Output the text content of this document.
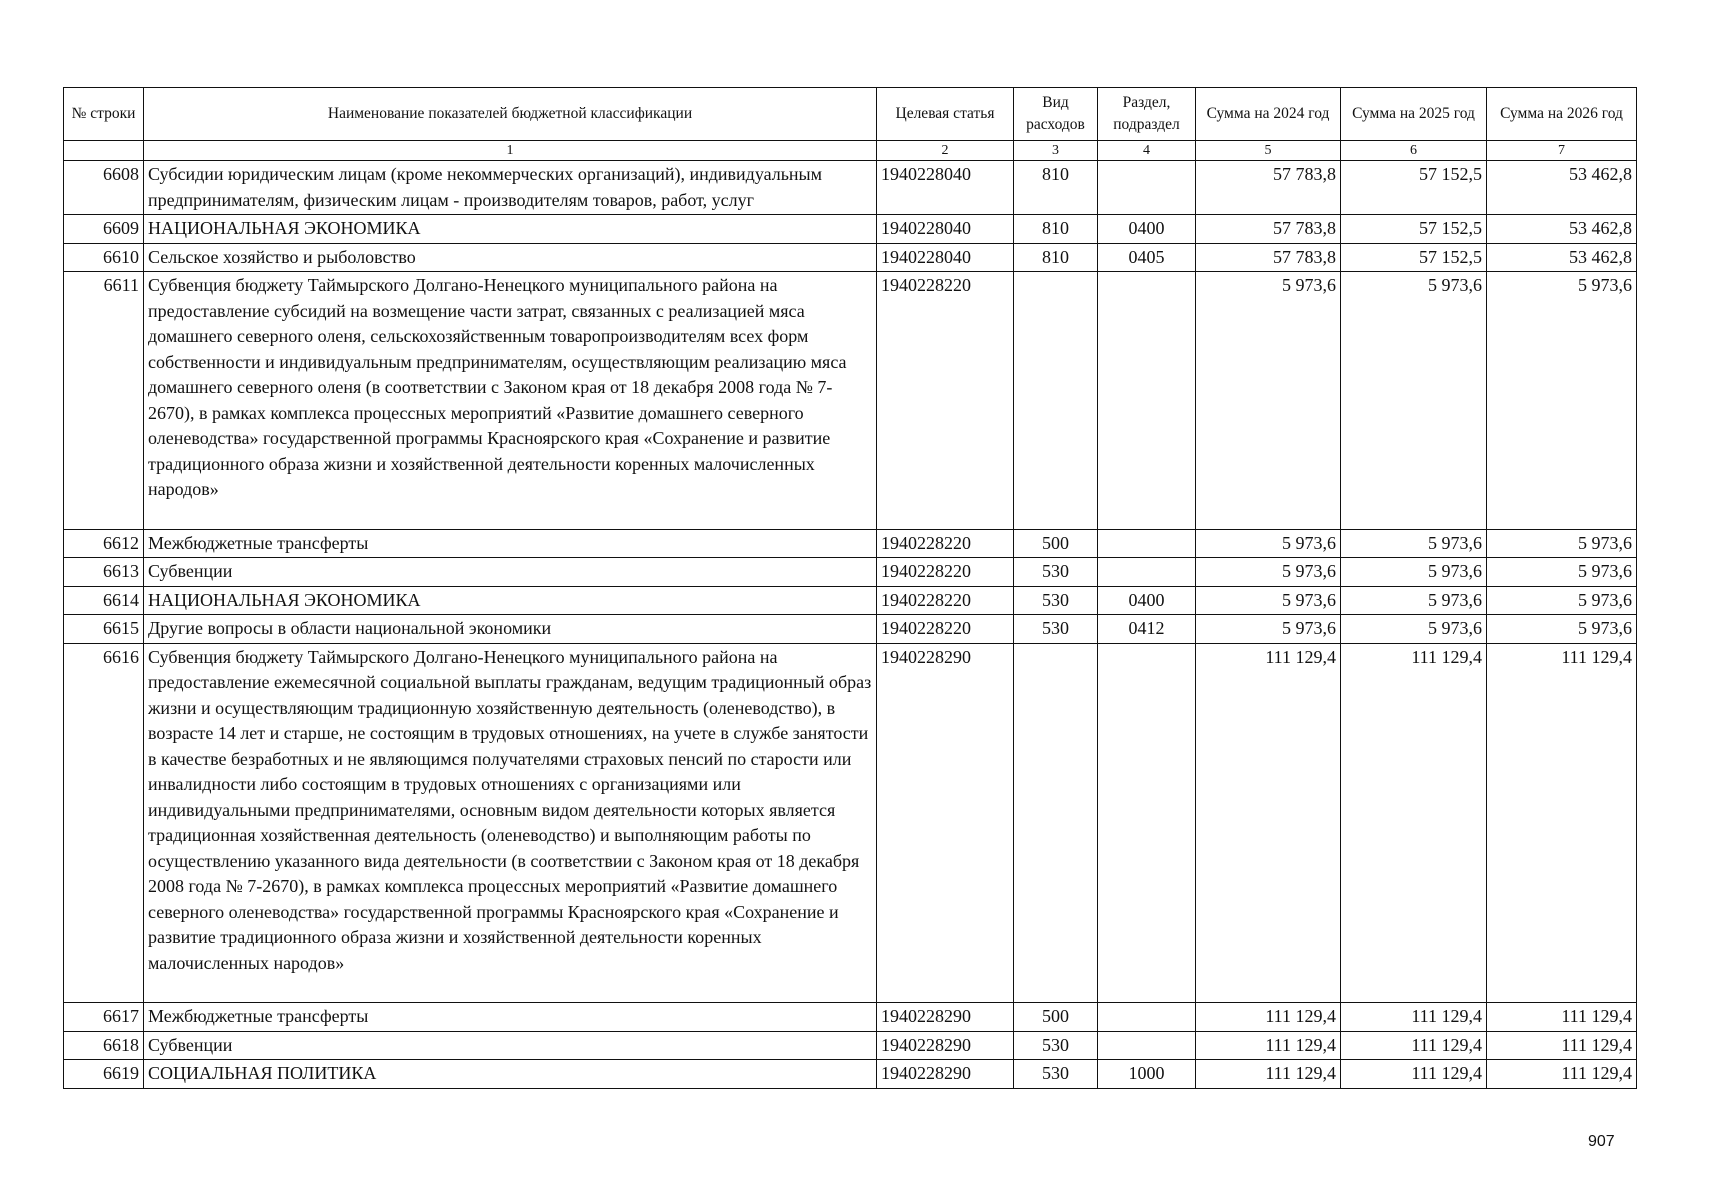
№ строки	Наименование показателей бюджетной классификации	Целевая статья	Вид расходов	Раздел, подраздел	Сумма на 2024 год	Сумма на 2025 год	Сумма на 2026 год
	1	2	3	4	5	6	7
6608	Субсидии юридическим лицам (кроме некоммерческих организаций), индивидуальным предпринимателям, физическим лицам - производителям товаров, работ, услуг	1940228040	810		57 783,8	57 152,5	53 462,8
6609	НАЦИОНАЛЬНАЯ ЭКОНОМИКА	1940228040	810	0400	57 783,8	57 152,5	53 462,8
6610	Сельское хозяйство и рыболовство	1940228040	810	0405	57 783,8	57 152,5	53 462,8
6611	Субвенция бюджету Таймырского Долгано-Ненецкого муниципального района на предоставление субсидий на возмещение части затрат, связанных с реализацией мяса домашнего северного оленя, сельскохозяйственным товаропроизводителям всех форм собственности и индивидуальным предпринимателям, осуществляющим реализацию мяса домашнего северного оленя (в соответствии с Законом края от 18 декабря 2008 года № 7-2670), в рамках комплекса процессных мероприятий «Развитие домашнего северного оленеводства» государственной программы Красноярского края «Сохранение и развитие традиционного образа жизни и хозяйственной деятельности коренных малочисленных народов»	1940228220			5 973,6	5 973,6	5 973,6
6612	Межбюджетные трансферты	1940228220	500		5 973,6	5 973,6	5 973,6
6613	Субвенции	1940228220	530		5 973,6	5 973,6	5 973,6
6614	НАЦИОНАЛЬНАЯ ЭКОНОМИКА	1940228220	530	0400	5 973,6	5 973,6	5 973,6
6615	Другие вопросы в области национальной экономики	1940228220	530	0412	5 973,6	5 973,6	5 973,6
6616	Субвенция бюджету Таймырского Долгано-Ненецкого муниципального района на предоставление ежемесячной социальной выплаты гражданам, ведущим традиционный образ жизни и осуществляющим традиционную хозяйственную деятельность (оленеводство), в возрасте 14 лет и старше, не состоящим в трудовых отношениях, на учете в службе занятости в качестве безработных и не являющимся получателями страховых пенсий по старости или инвалидности либо состоящим в трудовых отношениях с организациями или индивидуальными предпринимателями, основным видом деятельности которых является традиционная хозяйственная деятельность (оленеводство) и выполняющим работы по осуществлению указанного вида деятельности (в соответствии с Законом края от 18 декабря 2008 года № 7-2670), в рамках комплекса процессных мероприятий «Развитие домашнего северного оленеводства» государственной программы Красноярского края «Сохранение и развитие традиционного образа жизни и хозяйственной деятельности коренных малочисленных народов»	1940228290			111 129,4	111 129,4	111 129,4
6617	Межбюджетные трансферты	1940228290	500		111 129,4	111 129,4	111 129,4
6618	Субвенции	1940228290	530		111 129,4	111 129,4	111 129,4
6619	СОЦИАЛЬНАЯ ПОЛИТИКА	1940228290	530	1000	111 129,4	111 129,4	111 129,4
907
